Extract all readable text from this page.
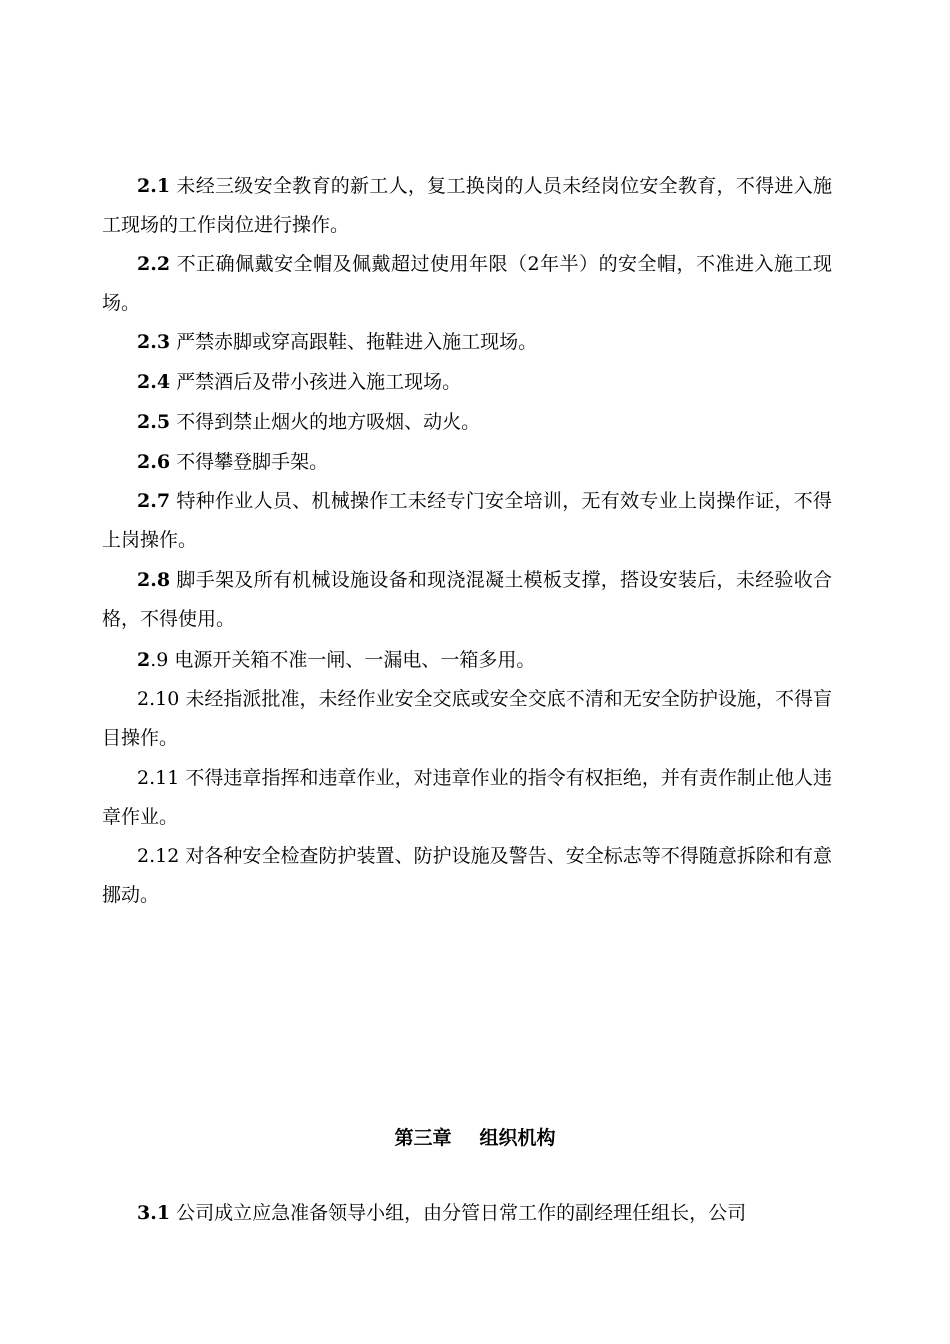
2.1 未经三级安全教育的新工人，复工换岗的人员未经岗位安全教育，不得进入施工现场的工作岗位进行操作。

2.2 不正确佩戴安全帽及佩戴超过使用年限（2年半）的安全帽，不准进入施工现场。

2.3 严禁赤脚或穿高跟鞋、拖鞋进入施工现场。

2.4 严禁酒后及带小孩进入施工现场。

2.5 不得到禁止烟火的地方吸烟、动火。

2.6 不得攀登脚手架。

2.7 特种作业人员、机械操作工未经专门安全培训，无有效专业上岗操作证，不得上岗操作。

2.8 脚手架及所有机械设施设备和现浇混凝土模板支撑，搭设安装后，未经验收合格，不得使用。

2.9 电源开关箱不准一闸、一漏电、一箱多用。

2.10 未经指派批准，未经作业安全交底或安全交底不清和无安全防护设施，不得盲目操作。

2.11 不得违章指挥和违章作业，对违章作业的指令有权拒绝，并有责作制止他人违章作业。

2.12 对各种安全检查防护装置、防护设施及警告、安全标志等不得随意拆除和有意挪动。

第三章 组织机构

3.1 公司成立应急准备领导小组，由分管日常工作的副经理任组长，公司
